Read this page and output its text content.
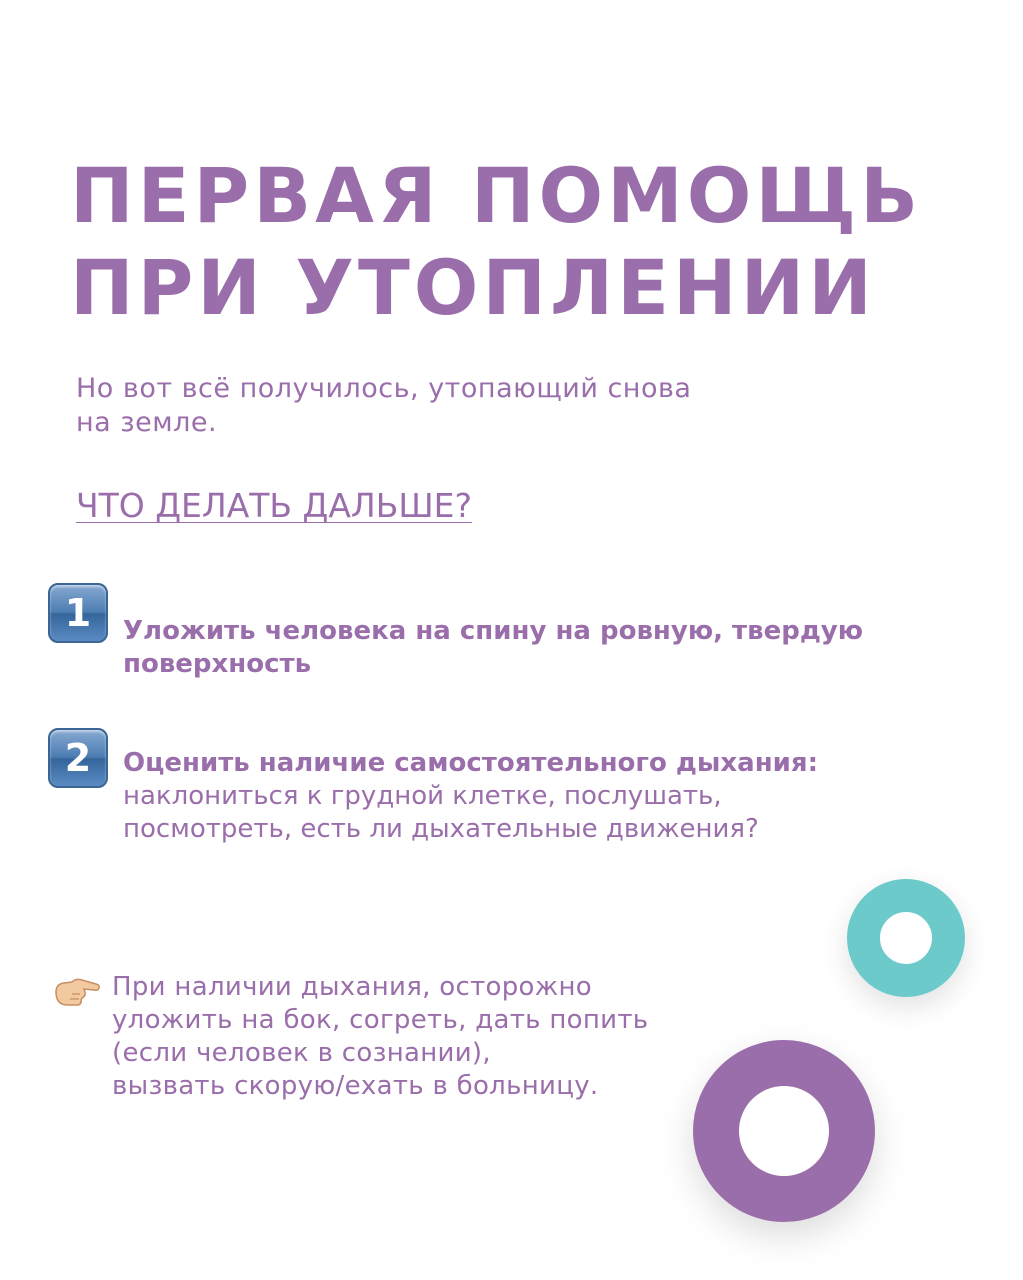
ПЕРВАЯ ПОМОЩЬ
ПРИ УТОПЛЕНИИ
Но вот всё получилось, утопающий снова
на земле.
ЧТО ДЕЛАТЬ ДАЛЬШЕ?
1	Уложить человека на спину на ровную, твердую
поверхность
2	Оценить наличие самостоятельного дыхания:
наклониться к грудной клетке, послушать,
посмотреть, есть ли дыхательные движения?
При наличии дыхания, осторожно
уложить на бок, согреть, дать попить
(если человек в сознании),
вызвать скорую/ехать в больницу.
